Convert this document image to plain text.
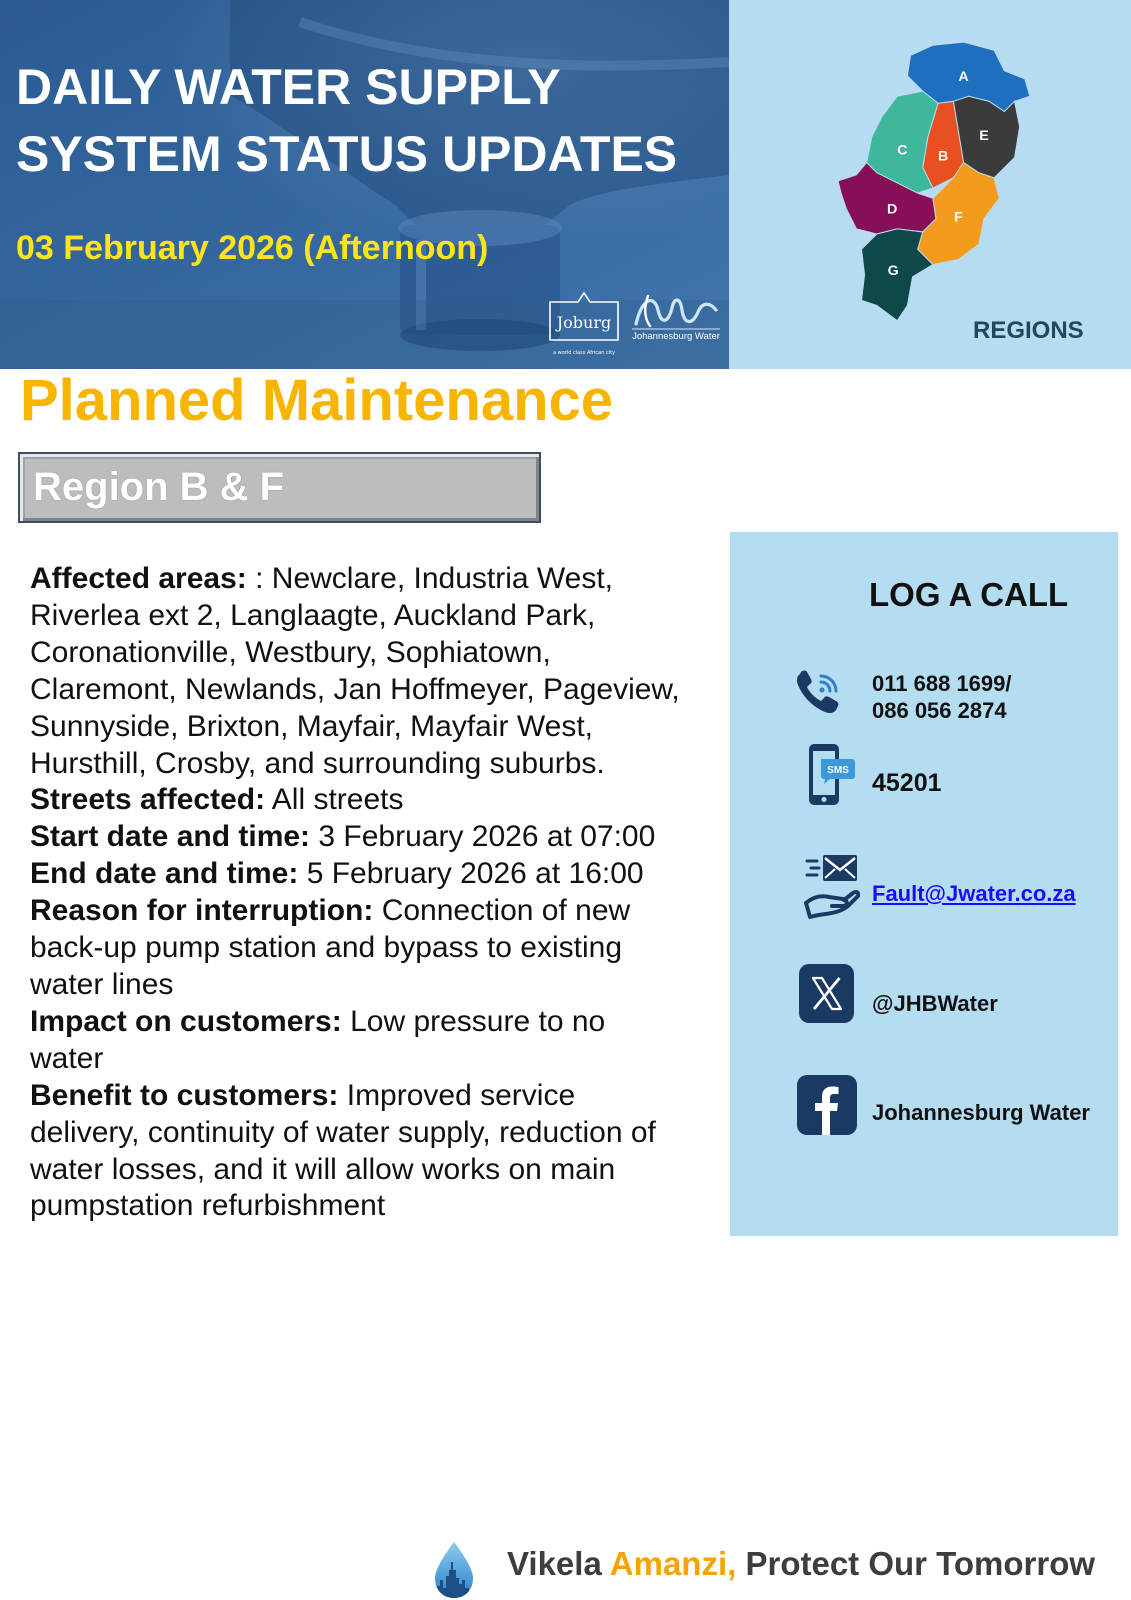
DAILY WATER SUPPLY
SYSTEM STATUS UPDATES
03 February 2026 (Afternoon)
Joburg
a world class African city
Johannesburg Water
A
B
C
D
E
F
G
REGIONS
Planned Maintenance
Region B & F
Affected areas: : Newclare, Industria West, Riverlea ext 2, Langlaagte, Auckland Park, Coronationville, Westbury, Sophiatown, Claremont, Newlands, Jan Hoffmeyer, Pageview, Sunnyside, Brixton, Mayfair, Mayfair West, Hursthill, Crosby, and surrounding suburbs.
Streets affected: All streets
Start date and time: 3 February 2026 at 07:00
End date and time: 5 February 2026 at 16:00
Reason for interruption: Connection of new back-up pump station and bypass to existing water lines
Impact on customers: Low pressure to no water
Benefit to customers: Improved service delivery, continuity of water supply, reduction of water losses, and it will allow works on main pumpstation refurbishment
LOG A CALL
011 688 1699/
086 056 2874
SMS 45201
Fault@Jwater.co.za
@JHBWater
Johannesburg Water
Vikela Amanzi, Protect Our Tomorrow
